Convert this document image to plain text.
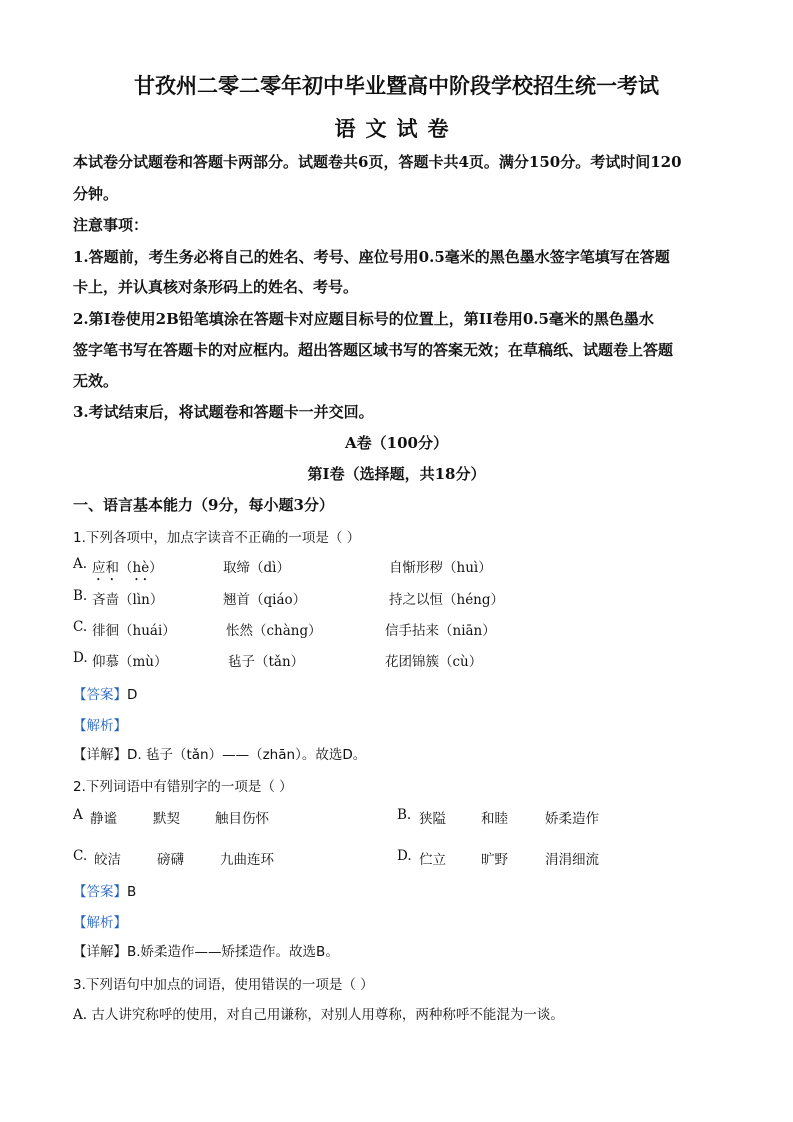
甘孜州二零二零年初中毕业暨高中阶段学校招生统一考试
语文试卷
本试卷分试题卷和答题卡两部分。试题卷共6页，答题卡共4页。满分150分。考试时间120
分钟。
注意事项：
1.答题前，考生务必将自己的姓名、考号、座位号用0.5毫米的黑色墨水签字笔填写在答题
卡上，并认真核对条形码上的姓名、考号。
2.第Ⅰ卷使用2B铅笔填涂在答题卡对应题目标号的位置上，第II卷用0.5毫米的黑色墨水
签字笔书写在答题卡的对应框内。超出答题区域书写的答案无效；在草稿纸、试题卷上答题
无效。
3.考试结束后，将试题卷和答题卡一并交回。
A卷（100分）
第Ⅰ卷（选择题，共18分）
一、语言基本能力（9分，每小题3分）
1.下列各项中，加点字读音不正确的一项是（ ）
A. 应和（hè）	取缔（dì）	自惭形秽（huì）
B. 吝啬（lìn）	翘首（qiáo）	持之以恒（héng）
C. 徘徊（huái）	怅然（chàng）	信手拈来（niān）
D. 仰慕（mù）	毡子（tǎn）	花团锦簇（cù）
【答案】D
【解析】
【详解】D. 毡子（tǎn）——（zhān）。故选D。
2.下列词语中有错别字的一项是（ ）
A 静谧	默契	触目伤怀	B. 狭隘	和睦	娇柔造作
C. 皎洁	磅礴	九曲连环	D. 伫立	旷野	涓涓细流
【答案】B
【解析】
【详解】B.娇柔造作——矫揉造作。故选B。
3.下列语句中加点的词语，使用错误的一项是（ ）
A. 古人讲究称呼的使用，对自己用谦称，对别人用尊称，两种称呼不能混为一谈。
